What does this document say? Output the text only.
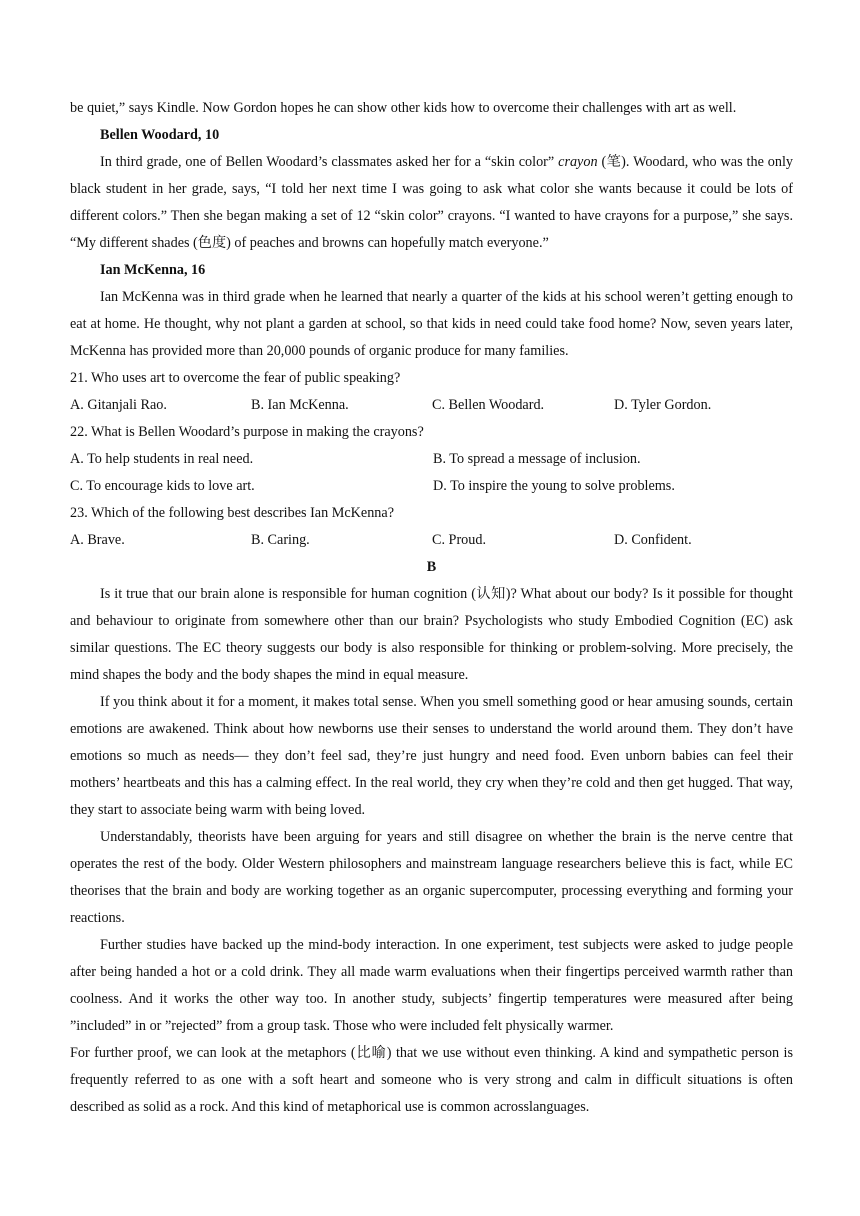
be quiet,” says Kindle. Now Gordon hopes he can show other kids how to overcome their challenges with art as well.

Bellen Woodard, 10

In third grade, one of Bellen Woodard’s classmates asked her for a “skin color” crayon (笔). Woodard, who was the only black student in her grade, says, “I told her next time I was going to ask what color she wants because it could be lots of different colors.” Then she began making a set of 12 “skin color” crayons. “I wanted to have crayons for a purpose,” she says. “My different shades (色度) of peaches and browns can hopefully match everyone.”

Ian McKenna, 16

Ian McKenna was in third grade when he learned that nearly a quarter of the kids at his school weren’t getting enough to eat at home. He thought, why not plant a garden at school, so that kids in need could take food home? Now, seven years later, McKenna has provided more than 20,000 pounds of organic produce for many families.

21. Who uses art to overcome the fear of public speaking?

A. Gitanjali Rao.	B. Ian McKenna.	C. Bellen Woodard.	D. Tyler Gordon.

22. What is Bellen Woodard’s purpose in making the crayons?

A. To help students in real need.	B. To spread a message of inclusion.
C. To encourage kids to love art.	D. To inspire the young to solve problems.

23. Which of the following best describes Ian McKenna?

A. Brave.	B. Caring.	C. Proud.	D. Confident.

B

Is it true that our brain alone is responsible for human cognition (认知)? What about our body? Is it possible for thought and behaviour to originate from somewhere other than our brain? Psychologists who study Embodied Cognition (EC) ask similar questions. The EC theory suggests our body is also responsible for thinking or problem-solving. More precisely, the mind shapes the body and the body shapes the mind in equal measure.

If you think about it for a moment, it makes total sense. When you smell something good or hear amusing sounds, certain emotions are awakened. Think about how newborns use their senses to understand the world around them. They don’t have emotions so much as needs— they don’t feel sad, they’re just hungry and need food. Even unborn babies can feel their mothers’ heartbeats and this has a calming effect. In the real world, they cry when they’re cold and then get hugged. That way, they start to associate being warm with being loved.

Understandably, theorists have been arguing for years and still disagree on whether the brain is the nerve centre that operates the rest of the body. Older Western philosophers and mainstream language researchers believe this is fact, while EC theorises that the brain and body are working together as an organic supercomputer, processing everything and forming your reactions.

Further studies have backed up the mind-body interaction. In one experiment, test subjects were asked to judge people after being handed a hot or a cold drink. They all made warm evaluations when their fingertips perceived warmth rather than coolness. And it works the other way too. In another study, subjects’ fingertip temperatures were measured after being ”included” in or ”rejected” from a group task. Those who were included felt physically warmer.

For further proof, we can look at the metaphors (比喻) that we use without even thinking. A kind and sympathetic person is frequently referred to as one with a soft heart and someone who is very strong and calm in difficult situations is often described as solid as a rock. And this kind of metaphorical use is common acrosslanguages.
